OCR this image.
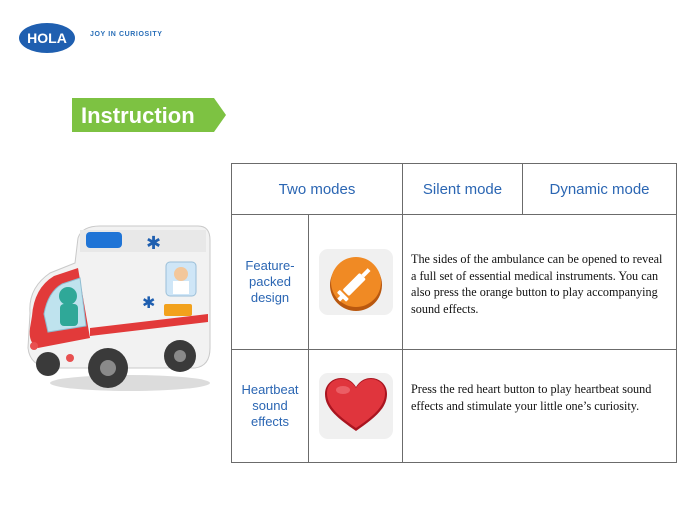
HOLA	JOY IN CURIOSITY
Instruction
✱
✱
Two modes		Silent mode	Dynamic mode
Feature-packed design		The sides of the ambulance can be opened to reveal a full set of essential medical instruments. You can also press the orange button to play accompanying sound effects.	

Heartbeat sound effects		Press the red heart button to play heartbeat sound effects and stimulate your little one’s curiosity.	
